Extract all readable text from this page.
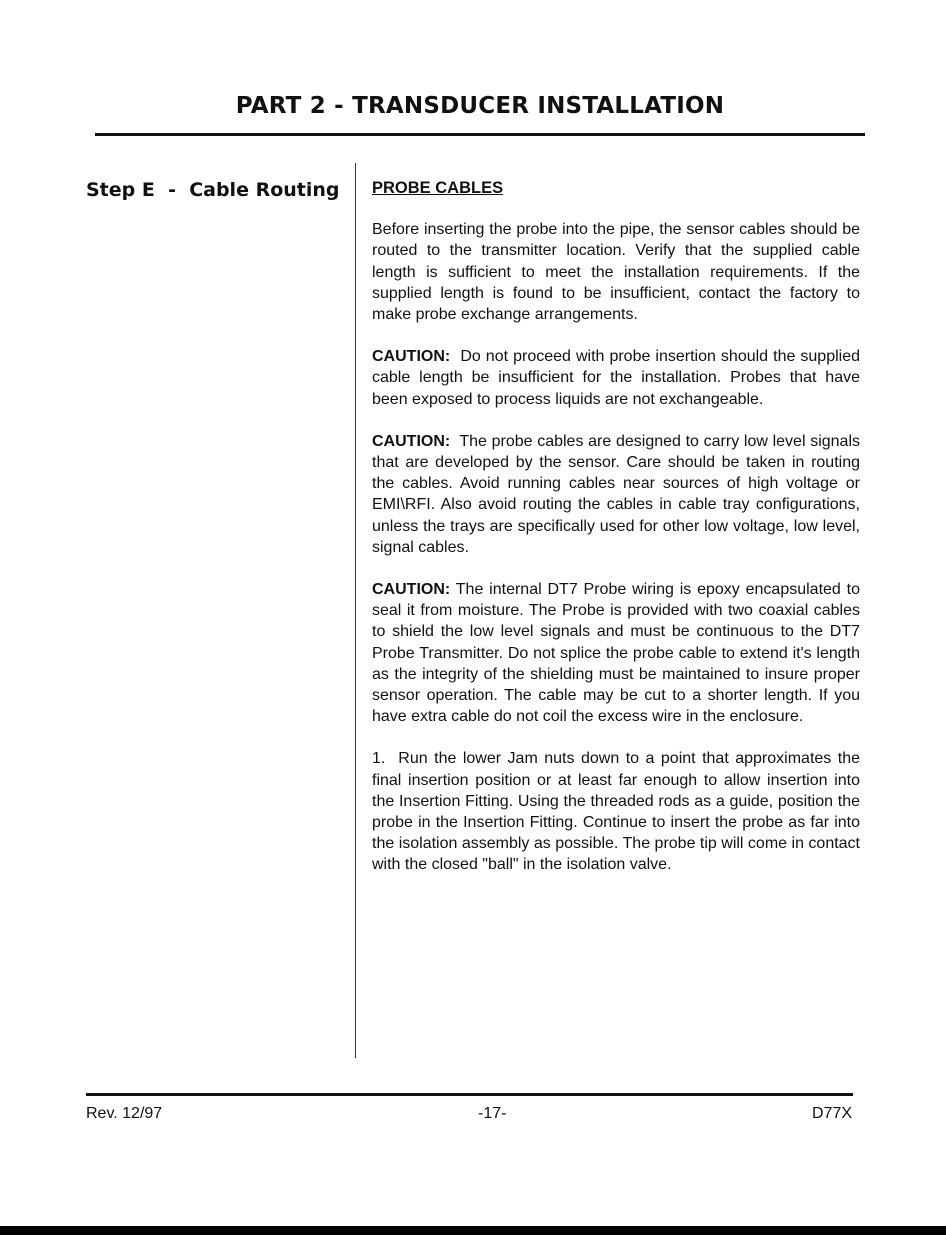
PART 2 - TRANSDUCER INSTALLATION
Step E  -  Cable Routing PROBE CABLES

Before inserting the probe into the pipe, the sensor cables should be routed to the transmitter location. Verify that the supplied cable length is sufficient to meet the installation requirements. If the supplied length is found to be insufficient, contact the factory to make probe exchange arrangements.

CAUTION: Do not proceed with probe insertion should the supplied cable length be insufficient for the installation. Probes that have been exposed to process liquids are not exchangeable.

CAUTION: The probe cables are designed to carry low level signals that are developed by the sensor. Care should be taken in routing the cables. Avoid running cables near sources of high voltage or EMI\RFI. Also avoid routing the cables in cable tray configurations, unless the trays are specifically used for other low voltage, low level, signal cables.

CAUTION: The internal DT7 Probe wiring is epoxy encapsulated to seal it from moisture. The Probe is provided with two coaxial cables to shield the low level signals and must be continuous to the DT7 Probe Transmitter. Do not splice the probe cable to extend it's length as the integrity of the shielding must be maintained to insure proper sensor operation. The cable may be cut to a shorter length. If you have extra cable do not coil the excess wire in the enclosure.

1. Run the lower Jam nuts down to a point that approximates the final insertion position or at least far enough to allow insertion into the Insertion Fitting. Using the threaded rods as a guide, position the probe in the Insertion Fitting. Continue to insert the probe as far into the isolation assembly as possible. The probe tip will come in contact with the closed "ball" in the isolation valve.

Rev. 12/97	-17-	D77X
